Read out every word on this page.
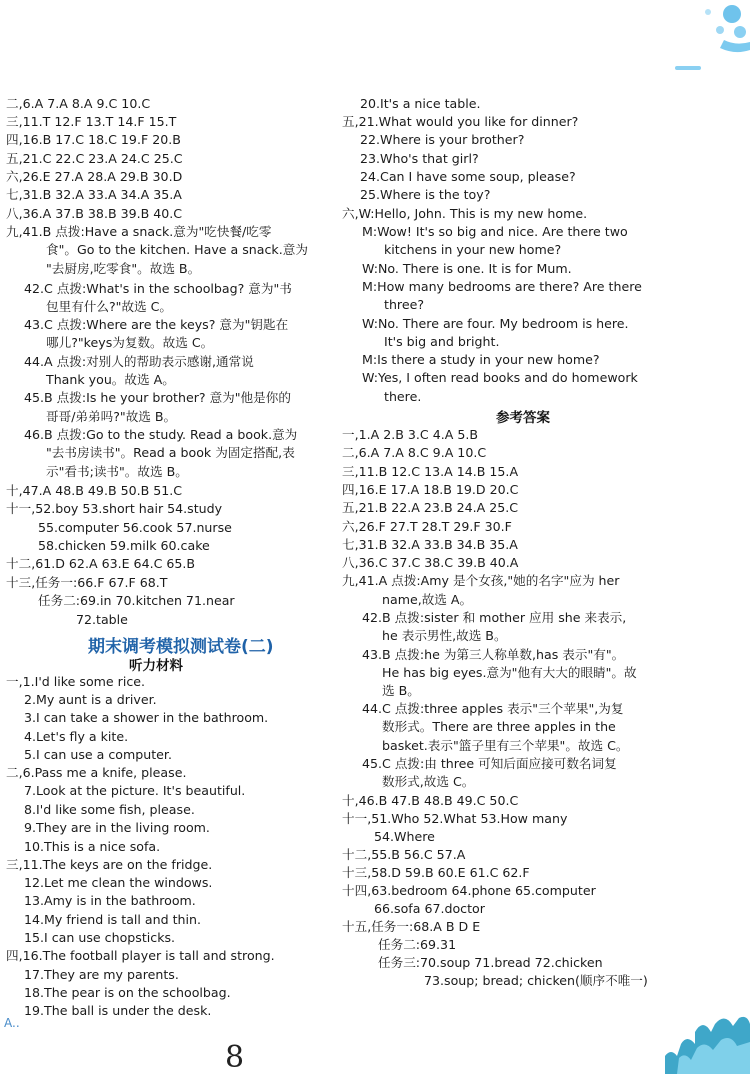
A..
8
二,6.A 7.A 8.A 9.C 10.C
三,11.T 12.F 13.T 14.F 15.T
四,16.B 17.C 18.C 19.F 20.B
五,21.C 22.C 23.A 24.C 25.C
六,26.E 27.A 28.A 29.B 30.D
七,31.B 32.A 33.A 34.A 35.A
八,36.A 37.B 38.B 39.B 40.C
九,41.B 点拨:Have a snack.意为"吃快餐/吃零
食"。Go to the kitchen. Have a snack.意为
"去厨房,吃零食"。故选 B。
42.C 点拨:What's in the schoolbag? 意为"书
包里有什么?"故选 C。
43.C 点拨:Where are the keys? 意为"钥匙在
哪儿?"keys为复数。故选 C。
44.A 点拨:对别人的帮助表示感谢,通常说
Thank you。故选 A。
45.B 点拨:Is he your brother? 意为"他是你的
哥哥/弟弟吗?"故选 B。
46.B 点拨:Go to the study. Read a book.意为
"去书房读书"。Read a book 为固定搭配,表
示"看书;读书"。故选 B。
十,47.A 48.B 49.B 50.B 51.C
十一,52.boy 53.short hair 54.study
55.computer 56.cook 57.nurse
58.chicken 59.milk 60.cake
十二,61.D 62.A 63.E 64.C 65.B
十三,任务一:66.F 67.F 68.T
任务二:69.in 70.kitchen 71.near
72.table
期末调考模拟测试卷(二)
听力材料
一,1.I'd like some rice.
2.My aunt is a driver.
3.I can take a shower in the bathroom.
4.Let's fly a kite.
5.I can use a computer.
二,6.Pass me a knife, please.
7.Look at the picture. It's beautiful.
8.I'd like some fish, please.
9.They are in the living room.
10.This is a nice sofa.
三,11.The keys are on the fridge.
12.Let me clean the windows.
13.Amy is in the bathroom.
14.My friend is tall and thin.
15.I can use chopsticks.
四,16.The football player is tall and strong.
17.They are my parents.
18.The pear is on the schoolbag.
19.The ball is under the desk.
20.It's a nice table.
五,21.What would you like for dinner?
22.Where is your brother?
23.Who's that girl?
24.Can I have some soup, please?
25.Where is the toy?
六,W:Hello, John. This is my new home.
M:Wow! It's so big and nice. Are there two
kitchens in your new home?
W:No. There is one. It is for Mum.
M:How many bedrooms are there? Are there
three?
W:No. There are four. My bedroom is here.
It's big and bright.
M:Is there a study in your new home?
W:Yes, I often read books and do homework
there.
参考答案
一,1.A 2.B 3.C 4.A 5.B
二,6.A 7.A 8.C 9.A 10.C
三,11.B 12.C 13.A 14.B 15.A
四,16.E 17.A 18.B 19.D 20.C
五,21.B 22.A 23.B 24.A 25.C
六,26.F 27.T 28.T 29.F 30.F
七,31.B 32.A 33.B 34.B 35.A
八,36.C 37.C 38.C 39.B 40.A
九,41.A 点拨:Amy 是个女孩,"她的名字"应为 her
name,故选 A。
42.B 点拨:sister 和 mother 应用 she 来表示,
he 表示男性,故选 B。
43.B 点拨:he 为第三人称单数,has 表示"有"。
He has big eyes.意为"他有大大的眼睛"。故
选 B。
44.C 点拨:three apples 表示"三个苹果",为复
数形式。There are three apples in the
basket.表示"篮子里有三个苹果"。故选 C。
45.C 点拨:由 three 可知后面应接可数名词复
数形式,故选 C。
十,46.B 47.B 48.B 49.C 50.C
十一,51.Who 52.What 53.How many
54.Where
十二,55.B 56.C 57.A
十三,58.D 59.B 60.E 61.C 62.F
十四,63.bedroom 64.phone 65.computer
66.sofa 67.doctor
十五,任务一:68.A B D E
任务二:69.31
任务三:70.soup 71.bread 72.chicken
73.soup; bread; chicken(顺序不唯一)
